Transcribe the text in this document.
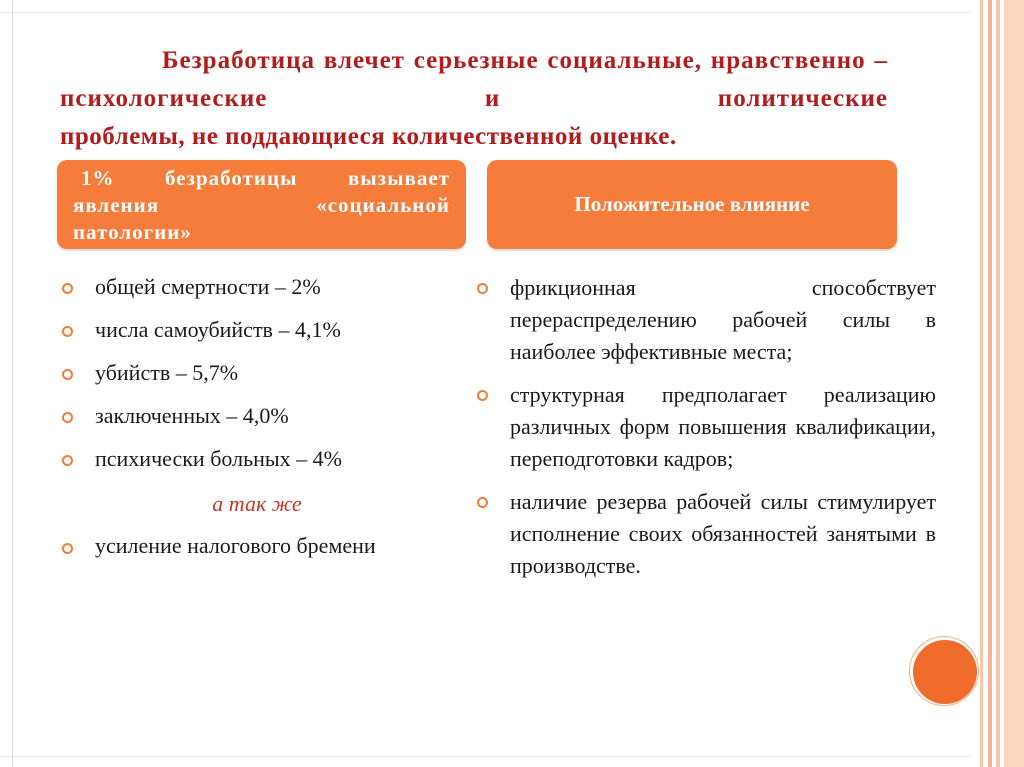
Безработица влечет серьезные социальные, нравственно – психологические и политические
проблемы, не поддающиеся количественной оценке.
1% безработицы вызывает
явления «социальной
патологии»
Положительное влияние
общей смертности – 2%
числа самоубийств – 4,1%
убийств – 5,7%
заключенных – 4,0%
психически больных – 4%
а так же
усиление налогового бремени
фрикционная способствует перераспределению рабочей силы в наиболее эффективные места;
структурная предполагает реализацию различных форм повышения квалификации, переподготовки кадров;
наличие резерва рабочей силы стимулирует исполнение своих обязанностей занятыми в производстве.
